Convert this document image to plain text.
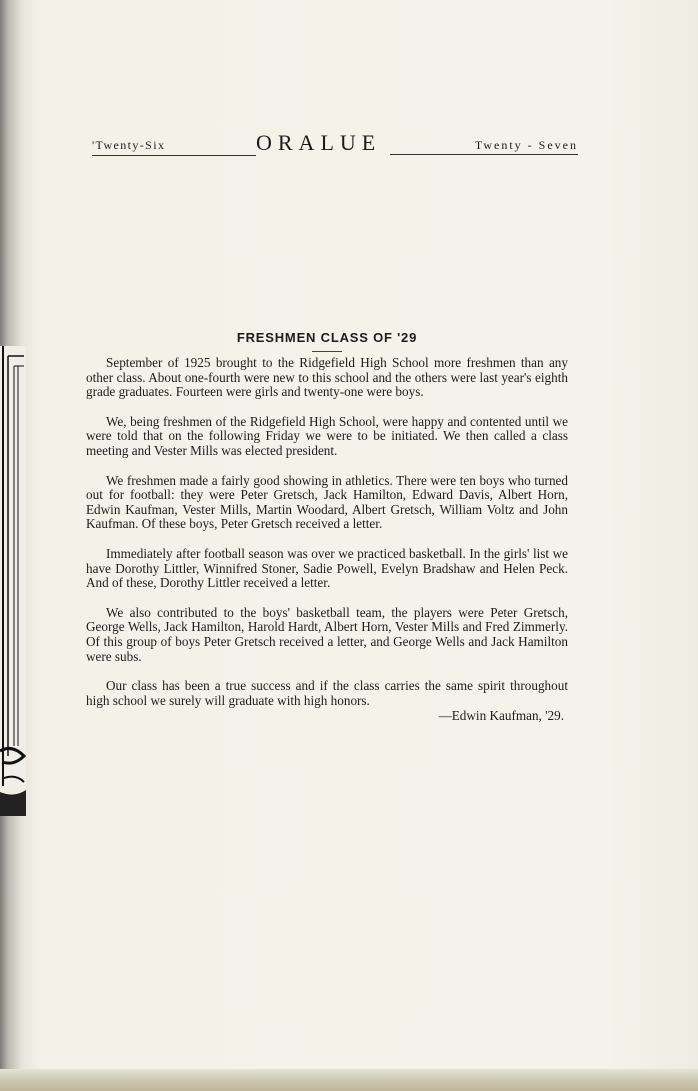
'Twenty-Six	ORALUE	Twenty - Seven
FRESHMEN CLASS OF '29

September of 1925 brought to the Ridgefield High School more freshmen than any other class. About one-fourth were new to this school and the others were last year's eighth grade graduates. Fourteen were girls and twenty-one were boys.

We, being freshmen of the Ridgefield High School, were happy and contented until we were told that on the following Friday we were to be initiated. We then called a class meeting and Vester Mills was elected president.

We freshmen made a fairly good showing in athletics. There were ten boys who turned out for football: they were Peter Gretsch, Jack Hamilton, Edward Davis, Albert Horn, Edwin Kaufman, Vester Mills, Martin Woodard, Albert Gretsch, William Voltz and John Kaufman. Of these boys, Peter Gretsch received a letter.

Immediately after football season was over we practiced basketball. In the girls' list we have Dorothy Littler, Winnifred Stoner, Sadie Powell, Evelyn Bradshaw and Helen Peck. And of these, Dorothy Littler received a letter.

We also contributed to the boys' basketball team, the players were Peter Gretsch, George Wells, Jack Hamilton, Harold Hardt, Albert Horn, Vester Mills and Fred Zimmerly. Of this group of boys Peter Gretsch received a letter, and George Wells and Jack Hamilton were subs.

Our class has been a true success and if the class carries the same spirit throughout high school we surely will graduate with high honors.

—Edwin Kaufman, '29.
